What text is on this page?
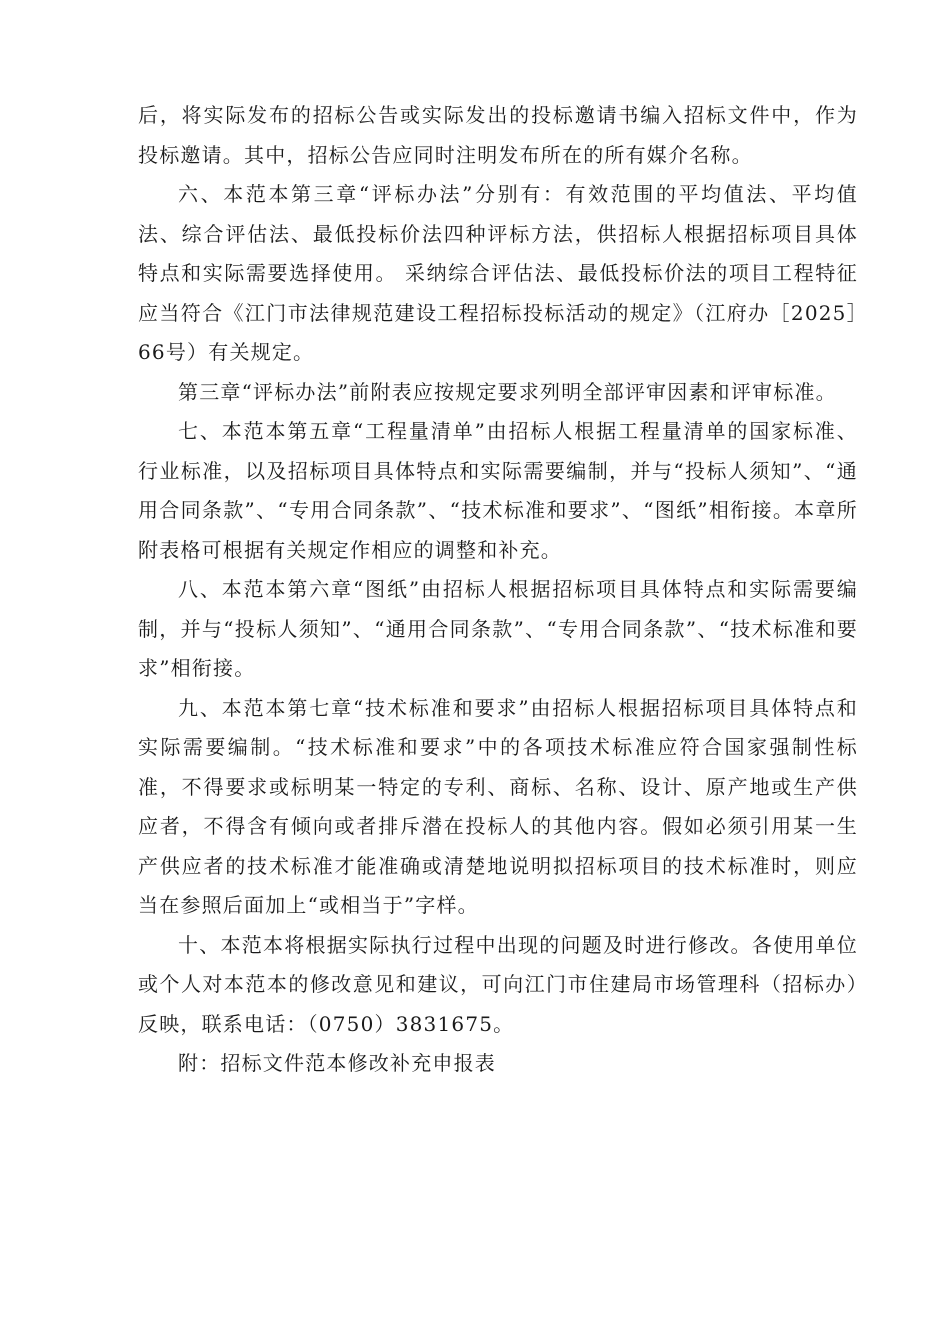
后，将实际发布的招标公告或实际发出的投标邀请书编入招标文件中，作为投标邀请。其中，招标公告应同时注明发布所在的所有媒介名称。

六、本范本第三章“评标办法”分别有：有效范围的平均值法、平均值法、综合评估法、最低投标价法四种评标方法，供招标人根据招标项目具体特点和实际需要选择使用。 采纳综合评估法、最低投标价法的项目工程特征应当符合《江门市法律规范建设工程招标投标活动的规定》（江府办［2025］66号）有关规定。

第三章“评标办法”前附表应按规定要求列明全部评审因素和评审标准。

七、本范本第五章“工程量清单”由招标人根据工程量清单的国家标准、行业标准，以及招标项目具体特点和实际需要编制，并与“投标人须知”、“通用合同条款”、“专用合同条款”、“技术标准和要求”、“图纸”相衔接。本章所附表格可根据有关规定作相应的调整和补充。

八、本范本第六章“图纸”由招标人根据招标项目具体特点和实际需要编制，并与“投标人须知”、“通用合同条款”、“专用合同条款”、“技术标准和要求”相衔接。

九、本范本第七章“技术标准和要求”由招标人根据招标项目具体特点和实际需要编制。“技术标准和要求”中的各项技术标准应符合国家强制性标准，不得要求或标明某一特定的专利、商标、名称、设计、原产地或生产供应者，不得含有倾向或者排斥潜在投标人的其他内容。假如必须引用某一生产供应者的技术标准才能准确或清楚地说明拟招标项目的技术标准时，则应当在参照后面加上“或相当于”字样。

十、本范本将根据实际执行过程中出现的问题及时进行修改。各使用单位或个人对本范本的修改意见和建议，可向江门市住建局市场管理科（招标办）反映，联系电话：（0750）3831675。

附：招标文件范本修改补充申报表
